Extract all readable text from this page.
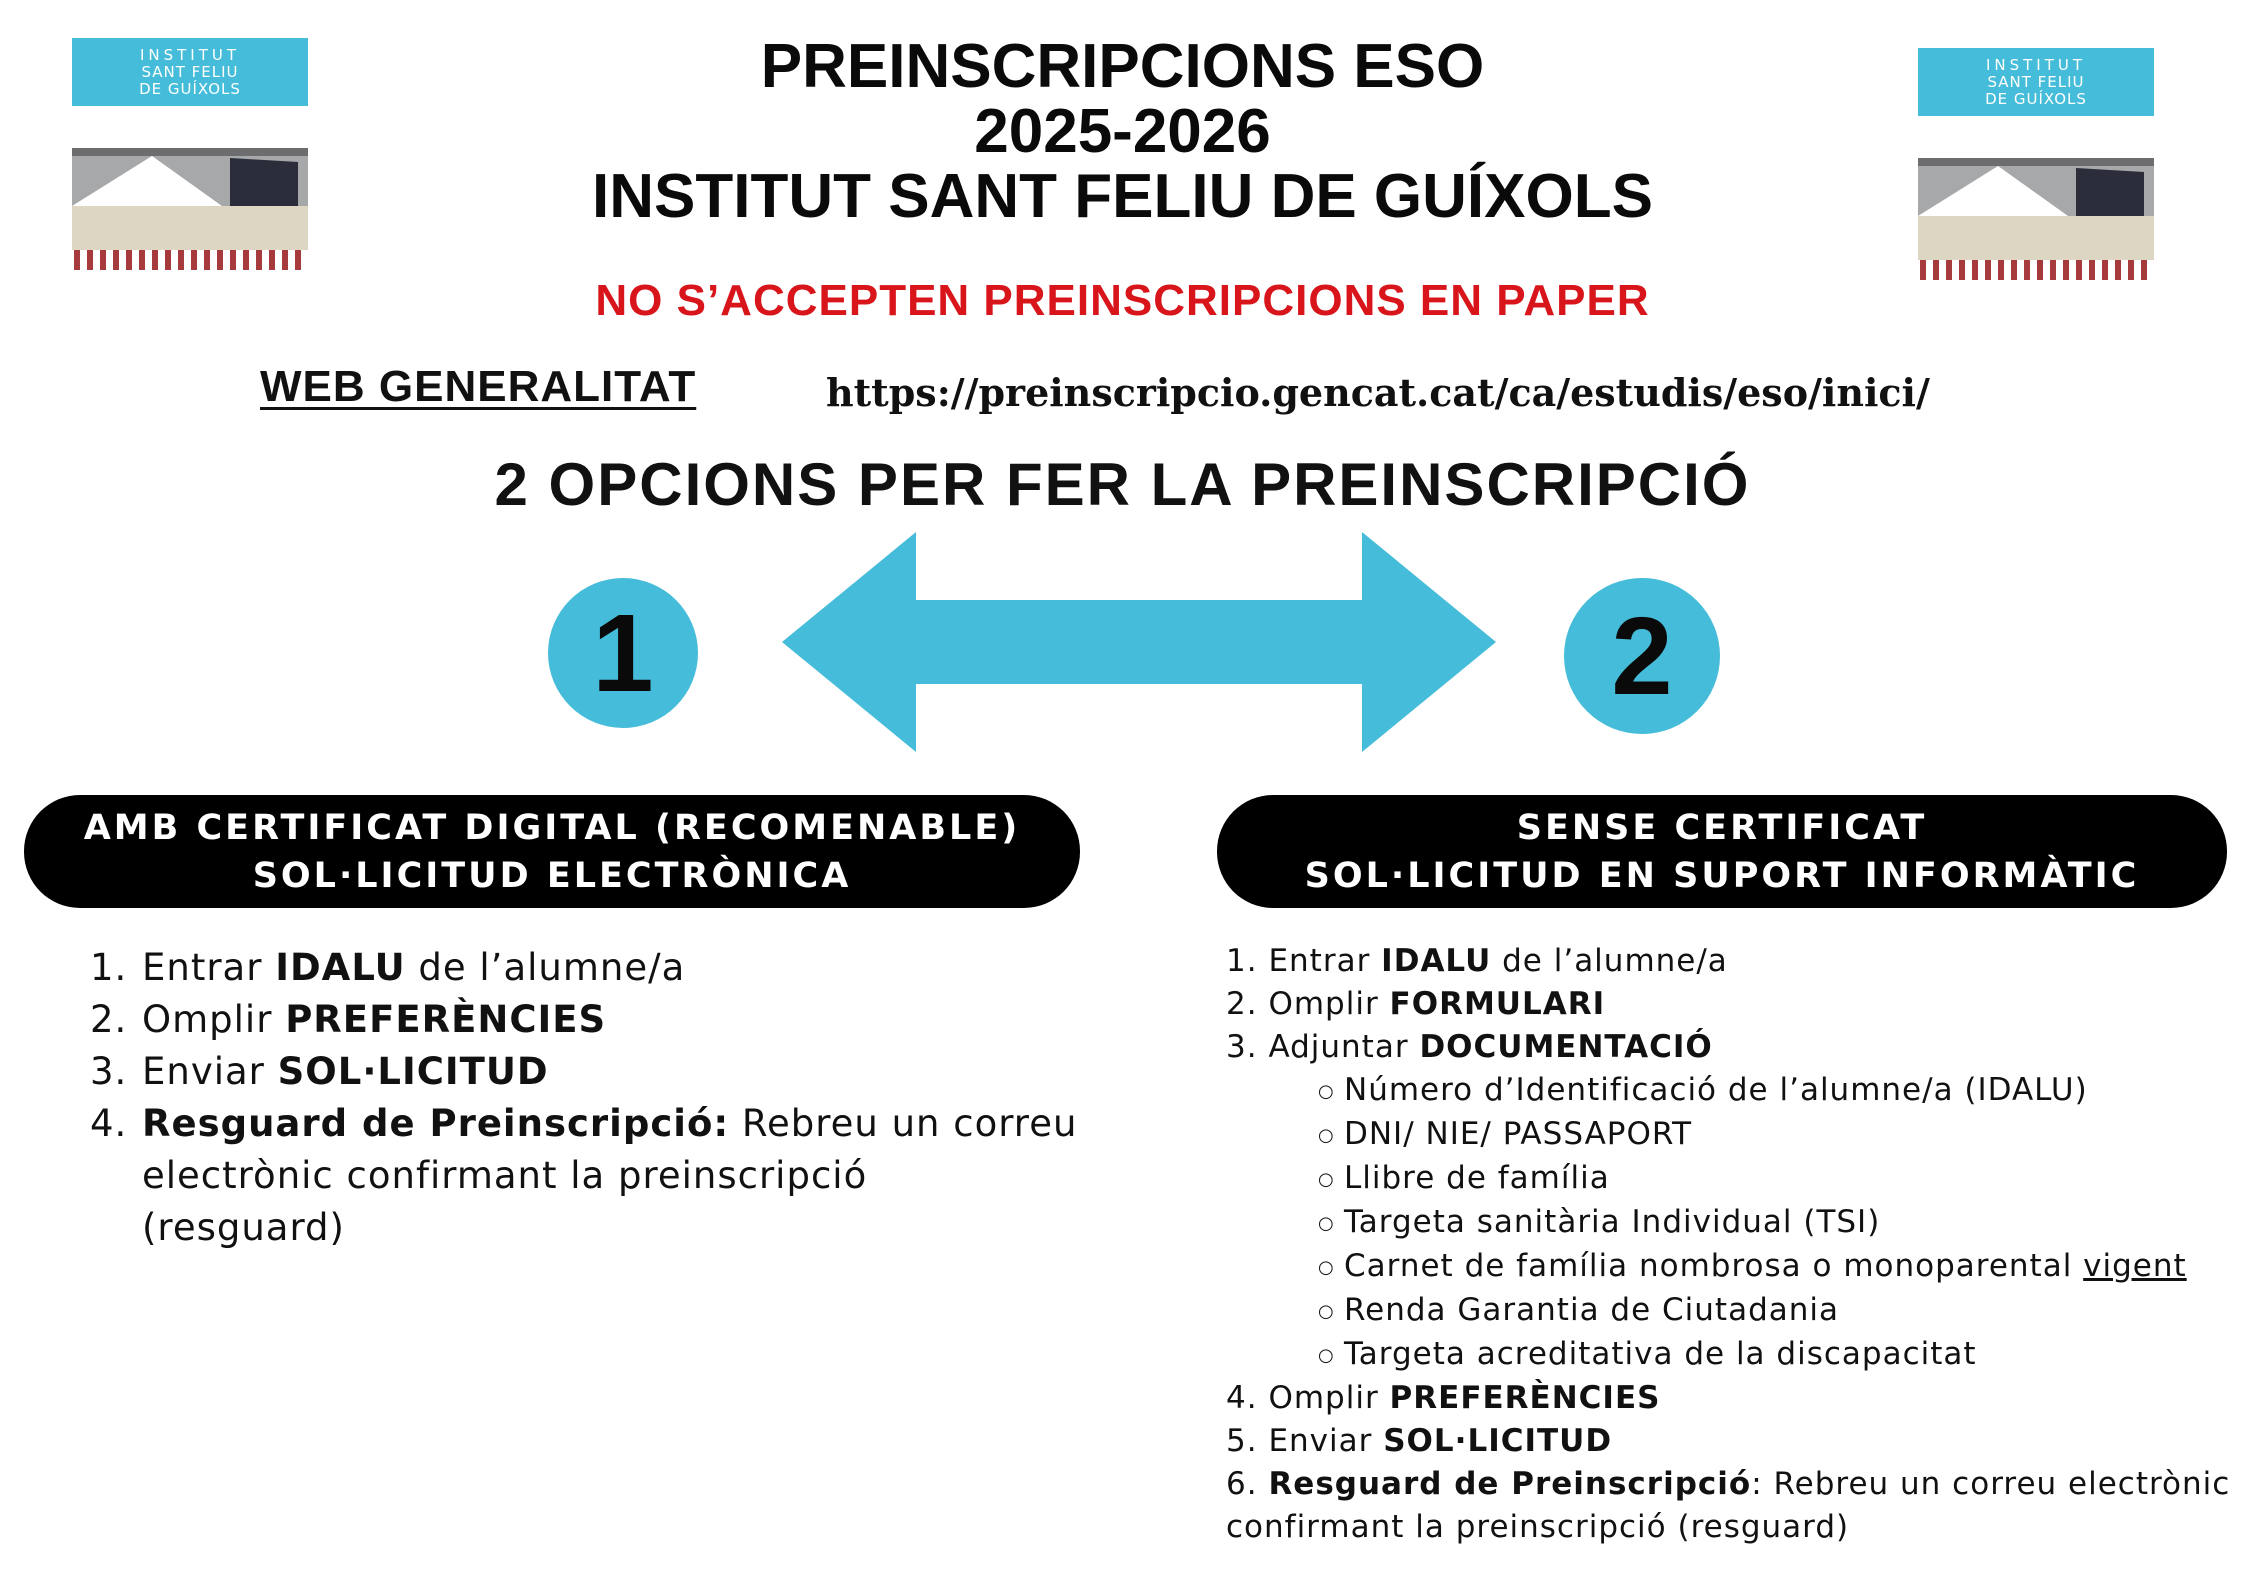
INSTITUT
SANT FELIU
DE GUÍXOLS
INSTITUT
SANT FELIU
DE GUÍXOLS
PREINSCRIPCIONS ESO
2025-2026
INSTITUT SANT FELIU DE GUÍXOLS
NO S’ACCEPTEN PREINSCRIPCIONS EN PAPER
WEB GENERALITAT	https://preinscripcio.gencat.cat/ca/estudis/eso/inici/
2 OPCIONS PER FER LA PREINSCRIPCIÓ
1	2
AMB CERTIFICAT DIGITAL (RECOMENABLE)
SOL·LICITUD ELECTRÒNICA
SENSE CERTIFICAT
SOL·LICITUD EN SUPORT INFORMÀTIC
1. Entrar IDALU de l’alumne/a
2. Omplir PREFERÈNCIES
3. Enviar SOL·LICITUD
4. Resguard de Preinscripció: Rebreu un correu electrònic confirmant la preinscripció (resguard)
1. Entrar IDALU de l’alumne/a
2. Omplir FORMULARI
3. Adjuntar DOCUMENTACIÓ
○ Número d’Identificació de l’alumne/a (IDALU)
○ DNI/ NIE/ PASSAPORT
○ Llibre de família
○ Targeta sanitària Individual (TSI)
○ Carnet de família nombrosa o monoparental vigent
○ Renda Garantia de Ciutadania
○ Targeta acreditativa de la discapacitat
4. Omplir PREFERÈNCIES
5. Enviar SOL·LICITUD
6. Resguard de Preinscripció: Rebreu un correu electrònic confirmant la preinscripció (resguard)
